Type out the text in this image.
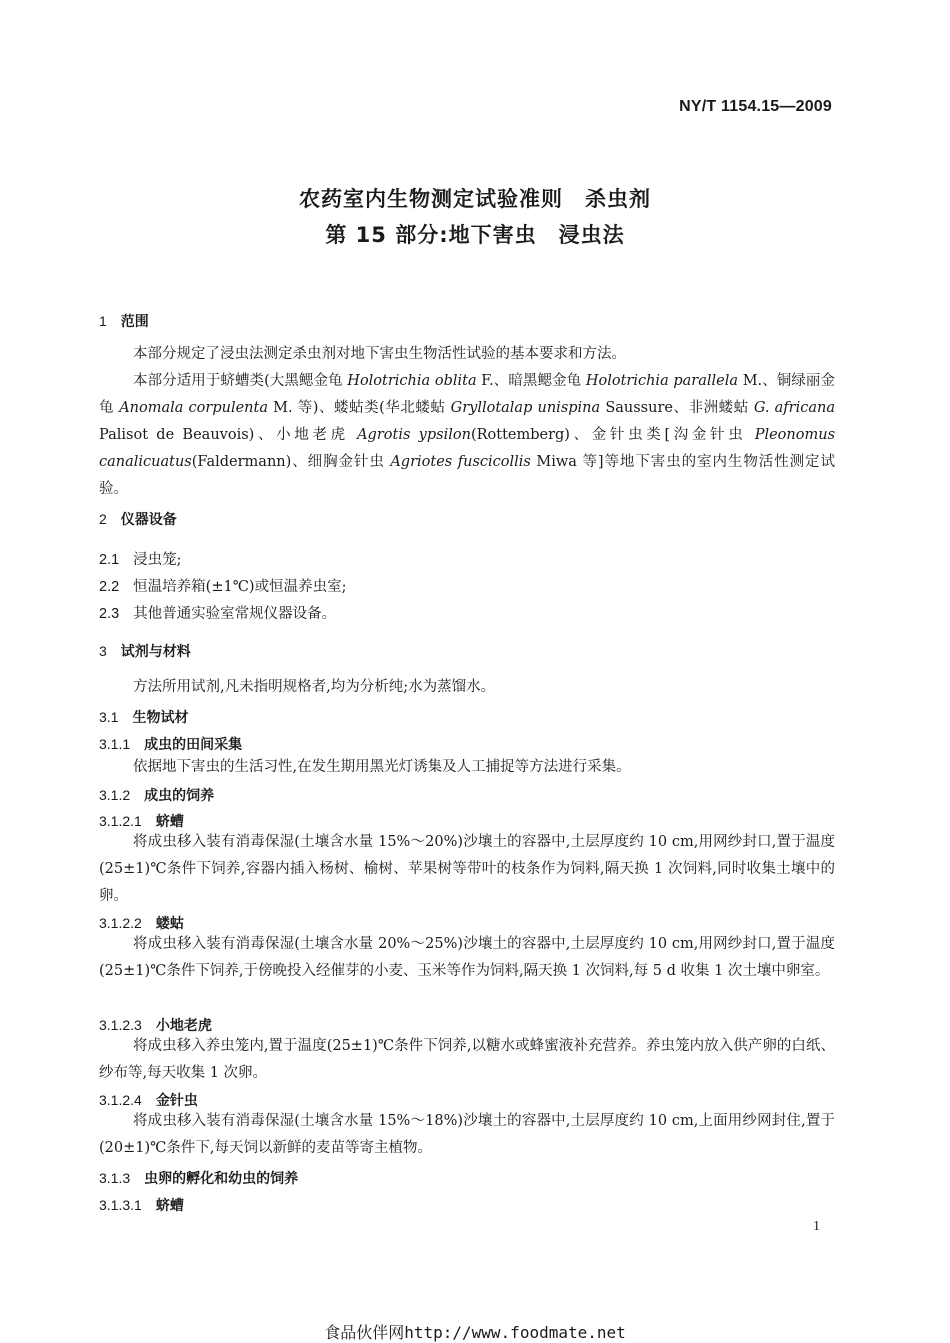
NY/T 1154.15—2009
农药室内生物测定试验准则　杀虫剂
第 15 部分:地下害虫　浸虫法
1 范围
本部分规定了浸虫法测定杀虫剂对地下害虫生物活性试验的基本要求和方法。
本部分适用于蛴螬类(大黑鳃金龟 Holotrichia oblita F.、暗黑鳃金龟 Holotrichia parallela M.、铜绿丽金龟 Anomala corpulenta M. 等)、蝼蛄类(华北蝼蛄 Gryllotalap unispina Saussure、非洲蝼蛄 G. africana Palisot de Beauvois)、小地老虎 Agrotis ypsilon(Rottemberg)、金针虫类[沟金针虫 Pleonomus canalicuatus(Faldermann)、细胸金针虫 Agriotes fuscicollis Miwa 等]等地下害虫的室内生物活性测定试验。
2 仪器设备
2.1 浸虫笼;
2.2 恒温培养箱(±1℃)或恒温养虫室;
2.3 其他普通实验室常规仪器设备。
3 试剂与材料
方法所用试剂,凡未指明规格者,均为分析纯;水为蒸馏水。
3.1 生物试材
3.1.1 成虫的田间采集
依据地下害虫的生活习性,在发生期用黑光灯诱集及人工捕捉等方法进行采集。
3.1.2 成虫的饲养
3.1.2.1 蛴螬
将成虫移入装有消毒保湿(土壤含水量 15%～20%)沙壤土的容器中,土层厚度约 10 cm,用网纱封口,置于温度(25±1)℃条件下饲养,容器内插入杨树、榆树、苹果树等带叶的枝条作为饲料,隔天换 1 次饲料,同时收集土壤中的卵。
3.1.2.2 蝼蛄
将成虫移入装有消毒保湿(土壤含水量 20%～25%)沙壤土的容器中,土层厚度约 10 cm,用网纱封口,置于温度(25±1)℃条件下饲养,于傍晚投入经催芽的小麦、玉米等作为饲料,隔天换 1 次饲料,每 5 d 收集 1 次土壤中卵室。
3.1.2.3 小地老虎
将成虫移入养虫笼内,置于温度(25±1)℃条件下饲养,以糖水或蜂蜜液补充营养。养虫笼内放入供产卵的白纸、纱布等,每天收集 1 次卵。
3.1.2.4 金针虫
将成虫移入装有消毒保湿(土壤含水量 15%～18%)沙壤土的容器中,土层厚度约 10 cm,上面用纱网封住,置于(20±1)℃条件下,每天饲以新鲜的麦苗等寄主植物。
3.1.3 虫卵的孵化和幼虫的饲养
3.1.3.1 蛴螬
1
食品伙伴网http://www.foodmate.net
